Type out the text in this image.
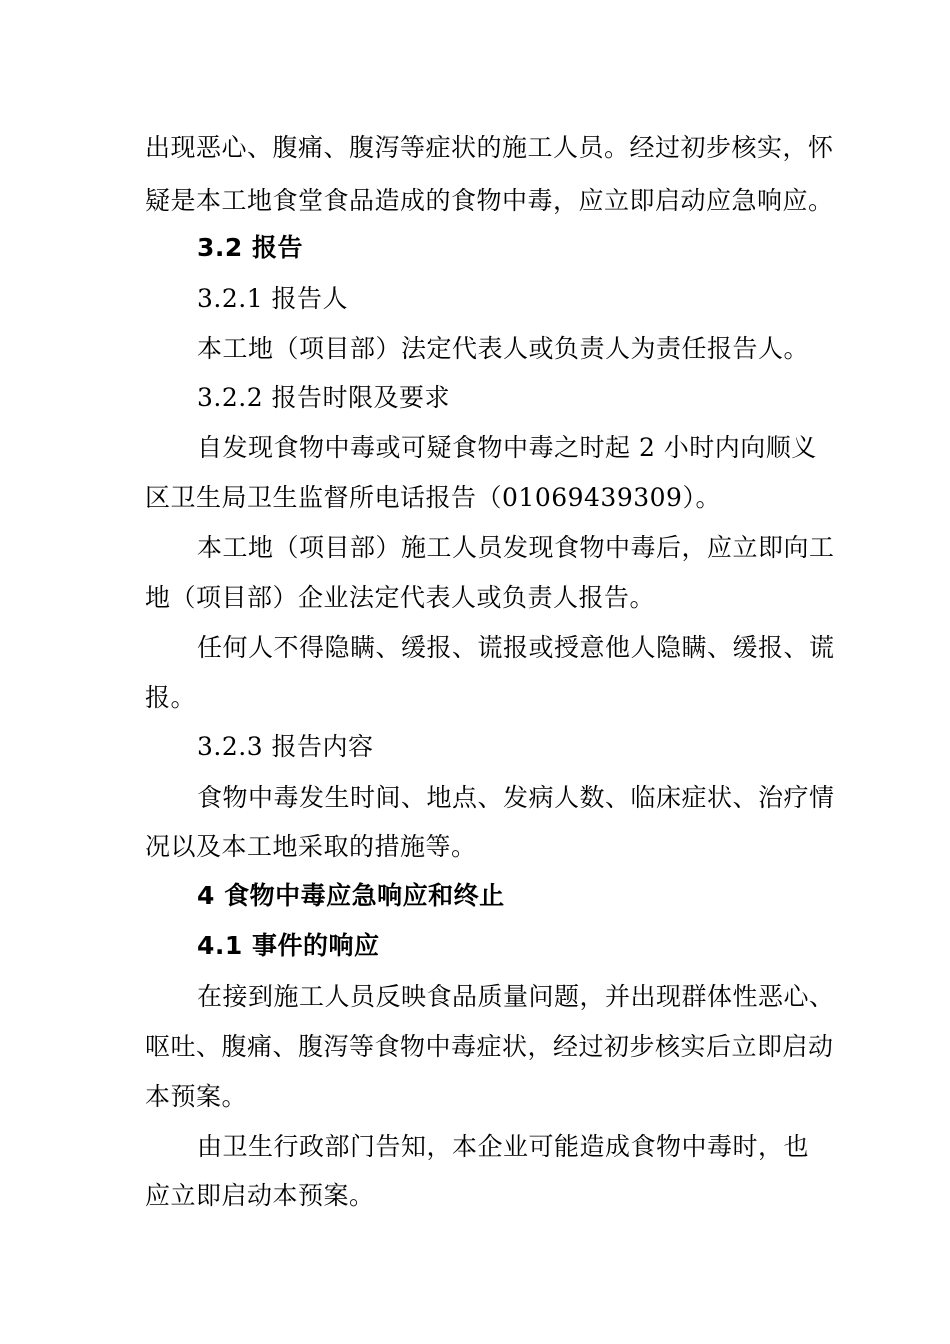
出现恶心、腹痛、腹泻等症状的施工人员。经过初步核实，怀
疑是本工地食堂食品造成的食物中毒，应立即启动应急响应。
3.2 报告
3.2.1 报告人
本工地（项目部）法定代表人或负责人为责任报告人。
3.2.2 报告时限及要求
自发现食物中毒或可疑食物中毒之时起 2 小时内向顺义
区卫生局卫生监督所电话报告（01069439309）。
本工地（项目部）施工人员发现食物中毒后，应立即向工
地（项目部）企业法定代表人或负责人报告。
任何人不得隐瞒、缓报、谎报或授意他人隐瞒、缓报、谎
报。
3.2.3 报告内容
食物中毒发生时间、地点、发病人数、临床症状、治疗情
况以及本工地采取的措施等。
4 食物中毒应急响应和终止
4.1 事件的响应
在接到施工人员反映食品质量问题，并出现群体性恶心、
呕吐、腹痛、腹泻等食物中毒症状，经过初步核实后立即启动
本预案。
由卫生行政部门告知，本企业可能造成食物中毒时，也
应立即启动本预案。
